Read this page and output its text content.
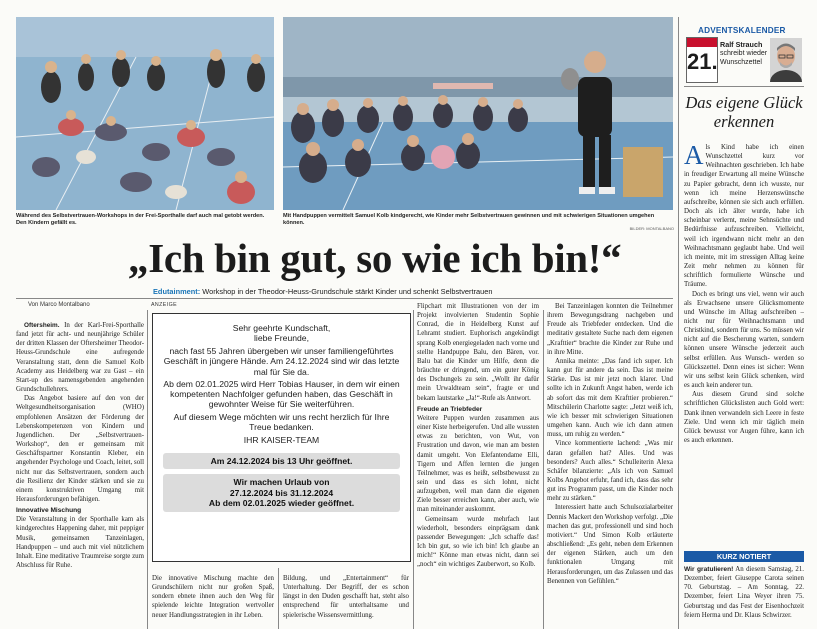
Während des Selbstvertrauen-Workshops in der Frei-Sporthalle darf auch mal getobt werden. Den Kindern gefällt es.
Mit Handpuppen vermittelt Samuel Kolb kindgerecht, wie Kinder mehr Selbstvertrauen gewinnen und mit schwierigen Situationen umgehen können.
BILDER: MONTALBANO
„Ich bin gut, so wie ich bin!“
Edutainment: Workshop in der Theodor-Heuss-Grundschule stärkt Kinder und schenkt Selbstvertrauen
Von Marco Montalbano	ANZEIGE
Oftersheim. In der Karl-Frei-Sporthalle fand jetzt für acht- und neunjährige Schüler der dritten Klassen der Oftersheimer Theodor-Heuss-Grundschule eine aufregende Veranstaltung statt, denn die Samuel Kolb Academy aus Heidelberg war zu Gast – ein Start-up des namensgebenden angehenden Grundschullehrers.
Das Angebot basiere auf den von der Weltgesundheitsorganisation (WHO) empfohlenen Ansätzen der Förderung der Lebenskompetenzen von Kindern und Jugendlichen. Der „Selbstvertrauen-Workshop“, den er gemeinsam mit Geschäftspartner Konstantin Kleber, ein angehender Psychologe und Coach, leitet, soll nicht nur das Selbstvertrauen, sondern auch die Resilienz der Kinder stärken und sie zu einem konstruktiven Umgang mit Herausforderungen befähigen.
Innovative Mischung
Die Veranstaltung in der Sporthalle kam als kindgerechtes Happening daher, mit peppiger Musik, gemeinsamen Tanzeinlagen, Handpuppen – und auch mit viel nützlichem Inhalt. Eine meditative Traumreise sorgte zum Abschluss für Ruhe.
Sehr geehrte Kundschaft,
liebe Freunde,
nach fast 55 Jahren übergeben wir unser familiengeführtes Geschäft in jüngere Hände. Am 24.12.2024 sind wir das letzte mal für Sie da.
Ab dem 02.01.2025 wird Herr Tobias Hauser, in dem wir einen kompetenten Nachfolger gefunden haben, das Geschäft in gewohnter Weise für Sie weiterführen.
Auf diesem Wege möchten wir uns recht herzlich für Ihre Treue bedanken.
IHR KAISER-TEAM
Am 24.12.2024 bis 13 Uhr geöffnet.
Wir machen Urlaub von
27.12.2024 bis 31.12.2024
Ab dem 02.01.2025 wieder geöffnet.
Die innovative Mischung machte den Grundschülern nicht nur großen Spaß, sondern ebnete ihnen auch den Weg für spielende leichte Integration wertvoller neuer Handlungsstrategien in ihr Leben.
Bildung, und „Entertainment“ für Unterhaltung. Der Begriff, der es schon längst in den Duden geschafft hat, steht also entsprechend für unterhaltsame und spielerische Wissensvermittlung.
Flipchart mit Illustrationen von der im Projekt involvierten Studentin Sophie Conrad, die in Heidelberg Kunst auf Lehramt studiert. Euphorisch angekündigt sprang Kolb energiegeladen nach vorne und stellte Handpuppe Balu, den Bären, vor. Balu bat die Kinder um Hilfe, denn die bräuchte er dringend, um ein guter König des Dschungels zu sein. „Wollt ihr dafür mein Urwaldteam sein“, fragte er und bekam lautstarke „Ja!“-Rufe als Antwort.
Freude an Triebfeder
Weitere Puppen wurden zusammen aus einer Kiste herbeigerufen. Und alle wussten etwas zu berichten, von Wut, von Frustration und davon, wie man am besten damit umgeht. Von Elefantendame Elli, Tigern und Affen lernten die jungen Teilnehmer, was es heißt, selbstbewusst zu sein und dass es sich lohnt, nicht aufzugeben, weil man dann die eigenen Ziele besser erreichen kann, aber auch, wie man miteinander auskommt.
Gemeinsam wurde mehrfach laut wiederholt, besonders einprägsam dank passender Bewegungen: „Ich schaffe das! Ich bin gut, so wie ich bin! Ich glaube an mich!“ Könne man etwas nicht, dann sei „noch“ ein wichtiges Zauberwort, so Kolb.
Bei Tanzeinlagen konnten die Teilnehmer ihrem Bewegungsdrang nachgeben und Freude als Triebfeder entdecken. Und die meditativ gestaltete Suche nach dem eigenen „Krafttier“ brachte die Kinder zur Ruhe und in ihre Mitte.
Annika meinte: „Das fand ich super. Ich kann gut für andere da sein. Das ist meine Stärke. Das ist mir jetzt noch klarer. Und sollte ich in Zukunft Angst haben, werde ich ab sofort das mit dem Krafttier probieren.“ Mitschülerin Charlotte sagte: „Jetzt weiß ich, wie ich besser mit schwierigen Situationen umgehen kann. Auch wie ich dann atmen muss, um ruhig zu werden.“
Vince kommentierte lachend: „Was mir daran gefallen hat? Alles. Und was besonders? Auch alles.“ Schulleiterin Alexa Schäfer bilanzierte: „Als ich von Samuel Kolbs Angebot erfuhr, fand ich, dass das sehr gut ins Programm passt, um die Kinder noch mehr zu stärken.“
Interessiert hatte auch Schulsozialarbeiter Dennis Mackert den Workshop verfolgt. „Die machen das gut, professionell und sind hoch motiviert.“ Und Simon Kolb erläuterte abschließend: „Es geht, neben dem Erkennen der eigenen Stärken, auch um den funktionalen Umgang mit Herausforderungen, um das Zulassen und das Benennen von Gefühlen.“
ADVENTSKALENDER
21.
Ralf Strauch
schreibt wieder
Wunschzettel
Das eigene Glück erkennen
Als Kind habe ich einen Wunschzettel kurz vor Weihnachten geschrieben. Ich habe in freudiger Erwartung all meine Wünsche zu Papier gebracht, denn ich wusste, nur wenn ich meine Herzenswünsche aufschreibe, können sie sich auch erfüllen. Doch als ich älter wurde, habe ich scheinbar verlernt, meine Sehnsüchte und Bedürfnisse aufzuschreiben. Vielleicht, weil ich irgendwann nicht mehr an den Weihnachtsmann geglaubt habe. Und weil ich meinte, mit im stressigen Alltag keine Zeit mehr nehmen zu können für schriftlich formulierte Wünsche und Träume.
Doch es bringt uns viel, wenn wir auch als Erwachsene unsere Glücksmomente und Wünsche im Alltag aufschreiben – nicht nur für Weihnachtsmann und Christkind, sondern für uns. So müssen wir nicht auf die Bescherung warten, sondern können unsere Wünsche jederzeit auch selbst erfüllen. Aus Wunsch- werden so Glückszettel. Denn eines ist sicher: Wenn wir uns selbst kein Glück schenken, wird es auch kein anderer tun.
Aus diesem Grund sind solche schriftlichen Glückslisten auch Gold wert: Dank ihnen verwandeln sich Leere in feste Ziele. Und wenn ich mir täglich mein Glück bewusst vor Augen führe, kann ich es auch erkennen.
KURZ NOTIERT
Wir gratulieren! An diesem Samstag, 21. Dezember, feiert Giuseppe Carota seinen 70. Geburtstag. – Am Sonntag, 22. Dezember, feiert Lina Weyer ihren 75. Geburtstag und das Fest der Eisenhochzeit feiern Herma und Dr. Klaus Schwirzer.
